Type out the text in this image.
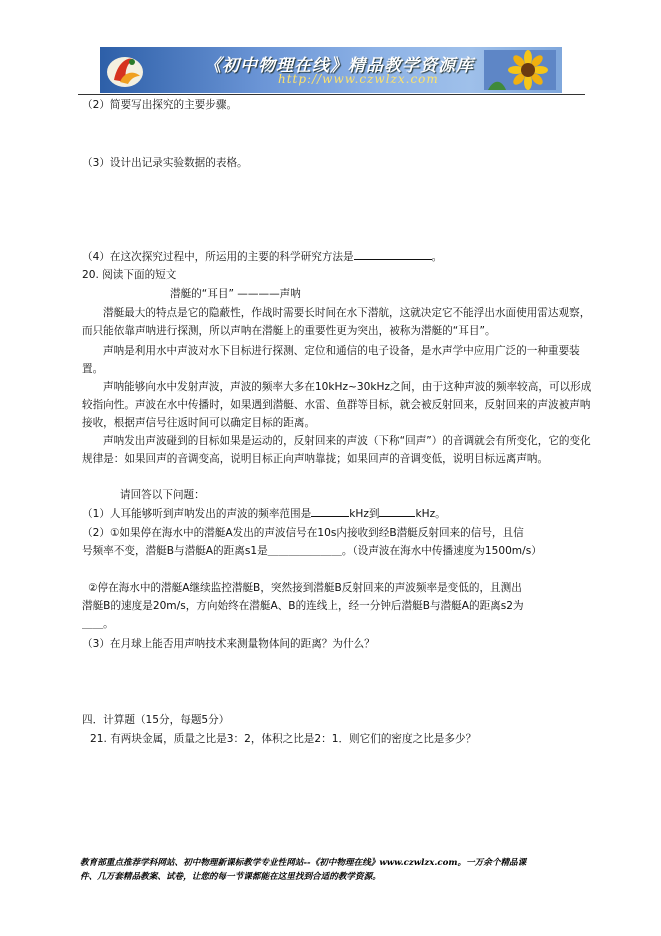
《初中物理在线》精品教学资源库
http://www.czwlzx.com
（2）简要写出探究的主要步骤。
（3）设计出记录实验数据的表格。
（4）在这次探究过程中，所运用的主要的科学研究方法是	。
20. 阅读下面的短文
潜艇的“耳目” ————声呐
潜艇最大的特点是它的隐蔽性，作战时需要长时间在水下潜航，这就决定它不能浮出水面使用雷达观察，而只能依靠声呐进行探测，所以声呐在潜艇上的重要性更为突出，被称为潜艇的“耳目”。
声呐是利用水中声波对水下目标进行探测、定位和通信的电子设备，是水声学中应用广泛的一种重要装置。
声呐能够向水中发射声波，声波的频率大多在10kHz~30kHz之间，由于这种声波的频率较高，可以形成较指向性。声波在水中传播时，如果遇到潜艇、水雷、鱼群等目标，就会被反射回来，反射回来的声波被声呐接收，根据声信号往返时间可以确定目标的距离。
声呐发出声波碰到的目标如果是运动的，反射回来的声波（下称“回声”）的音调就会有所变化，它的变化规律是：如果回声的音调变高，说明目标正向声呐靠拢；如果回声的音调变低，说明目标远离声呐。
请回答以下问题：
（1）人耳能够听到声呐发出的声波的频率范围是	kHz到	kHz。
（2）①如果停在海水中的潜艇A发出的声波信号在10s内接收到经B潜艇反射回来的信号，且信
号频率不变，潜艇B与潜艇A的距离s1是＿＿＿＿＿＿＿。（设声波在海水中传播速度为1500m/s）
②停在海水中的潜艇A继续监控潜艇B，突然接到潜艇B反射回来的声波频率是变低的，且测出
潜艇B的速度是20m/s，方向始终在潜艇A、B的连线上，经一分钟后潜艇B与潜艇A的距离s2为
＿＿。
（3）在月球上能否用声呐技术来测量物体间的距离？为什么？
四．计算题（15分，每题5分）
21. 有两块金属，质量之比是3：2，体积之比是2：1．则它们的密度之比是多少？
教育部重点推荐学科网站、初中物理新课标教学专业性网站--《初中物理在线》www.czwlzx.com。一万余个精品课
件、几万套精品教案、试卷，让您的每一节课都能在这里找到合适的教学资源。
